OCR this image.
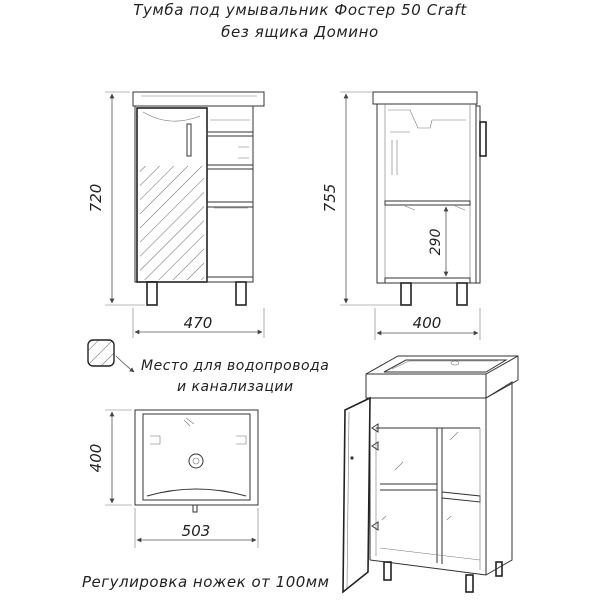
Тумба под умывальник Фостер 50 Craft
без ящика Домино
720
470
755
290
400
400
503
Место для водопровода
и канализации
Регулировка ножек от 100мм
